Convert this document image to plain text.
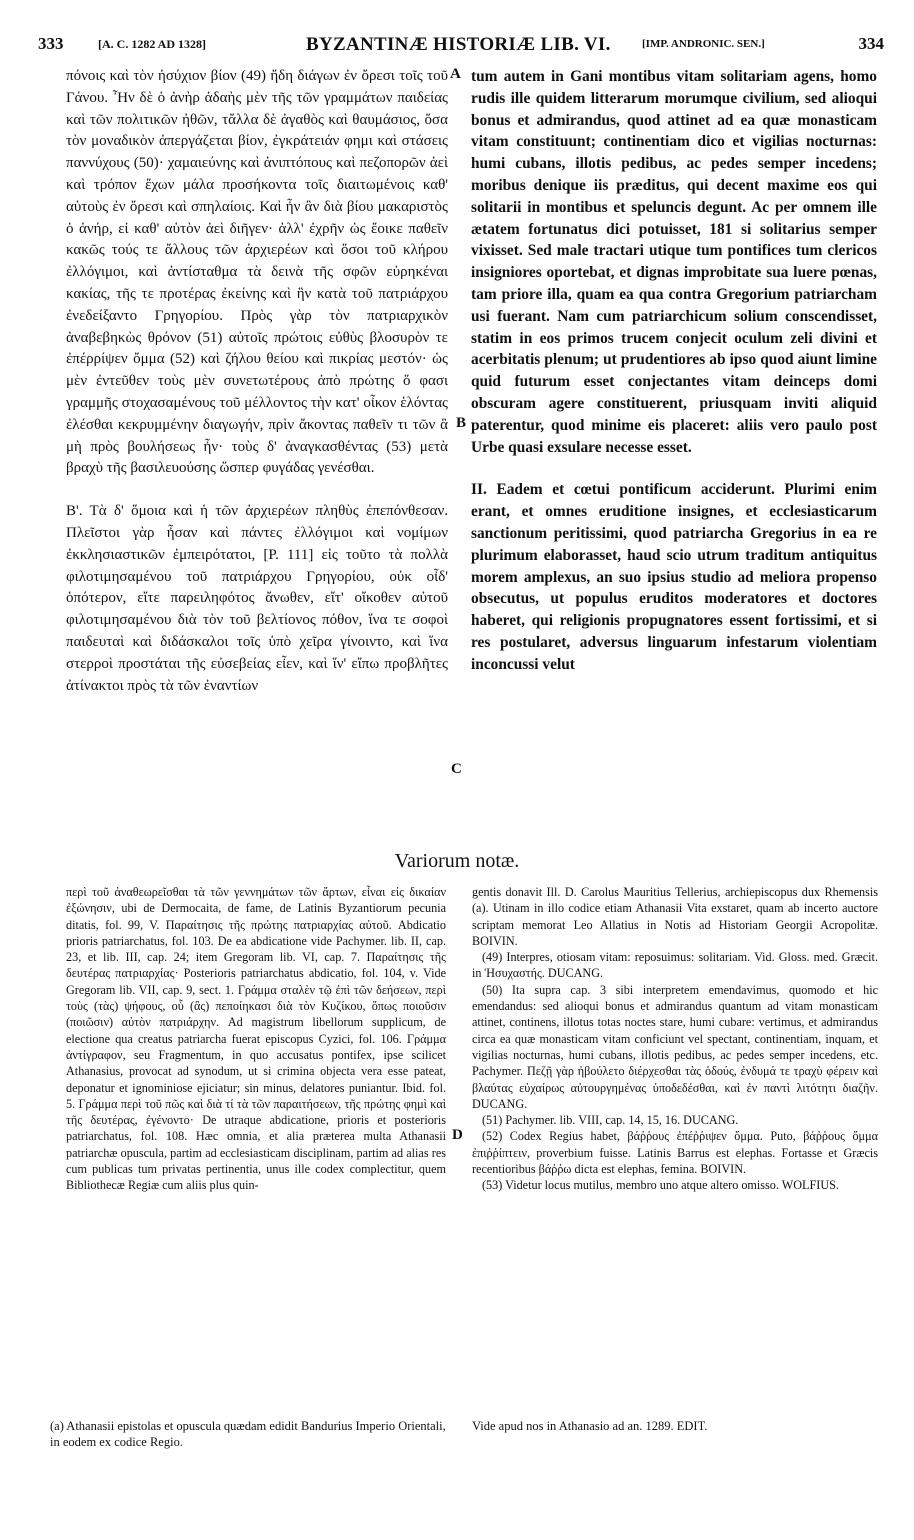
333	[A. C. 1282 AD 1328]	BYZANTINÆ HISTORIÆ LIB. VI.	[IMP. ANDRONIC. SEN.]	334

πόνοις καὶ τὸν ἡσύχιον βίον (49) ἤδη διάγων ἐν ὄρεσι τοῖς τοῦ Γάνου. Ἦν δὲ ὁ ἀνὴρ ἀδαὴς μὲν τῆς τῶν γραμμάτων παιδείας καὶ τῶν πολιτικῶν ἠθῶν, τἄλλα δὲ ἀγαθὸς καὶ θαυμάσιος, ὅσα τὸν μοναδικὸν ἀπεργάζεται βίον, ἐγκράτειάν φημι καὶ στάσεις παννύχους (50)· χαμαιεύνης καὶ ἀνιπτόπους καὶ πεζοπορῶν ἀεὶ καὶ τρόπον ἔχων μάλα προσήκοντα τοῖς διαιτωμένοις καθ' αὑτοὺς ἐν ὄρεσι καὶ σπηλαίοις. Καὶ ἦν ἂν διὰ βίου μακαριστὸς ὁ ἀνήρ, εἰ καθ' αὑτὸν ἀεὶ διῆγεν· ἀλλ' ἐχρῆν ὡς ἔοικε παθεῖν κακῶς τούς τε ἄλλους τῶν ἀρχιερέων καὶ ὅσοι τοῦ κλήρου ἐλλόγιμοι, καὶ ἀντίσταθμα τὰ δεινὰ τῆς σφῶν εὑρηκέναι κακίας, τῆς τε προτέρας ἐκείνης καὶ ἣν κατὰ τοῦ πατριάρχου ἐνεδείξαντο Γρηγορίου. Πρὸς γὰρ τὸν πατριαρχικὸν ἀναβεβηκὼς θρόνον (51) αὐτοῖς πρώτοις εὐθὺς βλοσυρὸν τε ἐπέρρίψεν ὄμμα (52) καὶ ζήλου θείου καὶ πικρίας μεστόν· ὡς μὲν ἐντεῦθεν τοὺς μὲν συνετωτέρους ἀπὸ πρώτης ὅ φασι γραμμῆς στοχασαμένους τοῦ μέλλοντος τὴν κατ' οἶκον ἑλόντας ἐλέσθαι κεκρυμμένην διαγωγήν, πρὶν ἄκοντας παθεῖν τι τῶν ἃ μὴ πρὸς βουλήσεως ἦν· τοὺς δ' ἀναγκασθέντας (53) μετὰ βραχὺ τῆς βασιλευούσης ὥσπερ φυγάδας γενέσθαι.

Β'. Τὰ δ' ὅμοια καὶ ἡ τῶν ἀρχιερέων πληθὺς ἐπεπόνθεσαν. Πλεῖστοι γὰρ ἦσαν καὶ πάντες ἐλλόγιμοι καὶ νομίμων ἐκκλησιαστικῶν ἐμπειρότατοι, [P. 111] εἰς τοῦτο τὰ πολλὰ φιλοτιμησαμένου τοῦ πατριάρχου Γρηγορίου, οὐκ οἶδ' ὁπότερον, εἴτε παρειληφότος ἄνωθεν, εἴτ' οἴκοθεν αὐτοῦ φιλοτιμησαμένου διὰ τὸν τοῦ βελτίονος πόθον, ἵνα τε σοφοὶ παιδευταὶ καὶ διδάσκαλοι τοῖς ὑπὸ χεῖρα γίνοιντο, καὶ ἵνα στερροὶ προστάται τῆς εὐσεβείας εἶεν, καὶ ἵν' εἴπω προβλῆτες ἀτίνακτοι πρὸς τὰ τῶν ἐναντίων

A
B
C
D

tum autem in Gani montibus vitam solitariam agens, homo rudis ille quidem litterarum morumque civilium, sed alioqui bonus et admirandus, quod attinet ad ea quæ monasticam vitam constituunt; continentiam dico et vigilias nocturnas: humi cubans, illotis pedibus, ac pedes semper incedens; moribus denique iis præditus, qui decent maxime eos qui solitarii in montibus et speluncis degunt. Ac per omnem ille ætatem fortunatus dici potuisset, 181 si solitarius semper vixisset. Sed male tractari utique tum pontifices tum clericos insigniores oportebat, et dignas improbitate sua luere pœnas, tam priore illa, quam ea qua contra Gregorium patriarcham usi fuerant. Nam cum patriarchicum solium conscendisset, statim in eos primos trucem conjecit oculum zeli divini et acerbitatis plenum; ut prudentiores ab ipso quod aiunt limine quid futurum esset conjectantes vitam deinceps domi obscuram agere constituerent, priusquam inviti aliquid paterentur, quod minime eis placeret: aliis vero paulo post Urbe quasi exsulare necesse esset.

II. Eadem et cœtui pontificum acciderunt. Plurimi enim erant, et omnes eruditione insignes, et ecclesiasticarum sanctionum peritissimi, quod patriarcha Gregorius in ea re plurimum elaborasset, haud scio utrum traditum antiquitus morem amplexus, an suo ipsius studio ad meliora propenso obsecutus, ut populus eruditos moderatores et doctores haberet, qui religionis propugnatores essent fortissimi, et si res postularet, adversus linguarum infestarum violentiam inconcussi velut

Variorum notæ.

περὶ τοῦ ἀναθεωρεῖσθαι τὰ τῶν γεννημάτων τῶν ἄρτων, εἶναι εἰς δικαίαν ἐξώνησιν, ubi de Dermocaita, de fame, de Latinis Byzantiorum pecunia ditatis, fol. 99, V. Παραίτησις τῆς πρώτης πατριαρχίας αὐτοῦ. Abdicatio prioris patriarchatus, fol. 103. De ea abdicatione vide Pachymer. lib. II, cap. 23, et lib. III, cap. 24; item Gregoram lib. VI, cap. 7. Παραίτησις τῆς δευτέρας πατριαρχίας· Posterioris patriarchatus abdicatio, fol. 104, v. Vide Gregoram lib. VII, cap. 9, sect. 1. Γράμμα σταλὲν τῷ ἐπὶ τῶν δεήσεων, περὶ τοὺς (τὰς) ψήφους, οὗ (ἃς) πεποίηκασι διὰ τὸν Κυζίκου, ὅπως ποιοῦσιν (ποιῶσιν) αὐτὸν πατριάρχην. Ad magistrum libellorum supplicum, de electione qua creatus patriarcha fuerat episcopus Cyzici, fol. 106. Γράμμα ἀντίγραφον, seu Fragmentum, in quo accusatus pontifex, ipse scilicet Athanasius, provocat ad synodum, ut si crimina objecta vera esse pateat, deponatur et ignominiose ejiciatur; sin minus, delatores puniantur. Ibid. fol. 5. Γράμμα περὶ τοῦ πῶς καὶ διὰ τί τὰ τῶν παραιτήσεων, τῆς πρώτης φημὶ καὶ τῆς δευτέρας, ἐγένοντο· De utraque abdicatione, prioris et posterioris patriarchatus, fol. 108. Hæc omnia, et alia præterea multa Athanasii patriarchæ opuscula, partim ad ecclesiasticam disciplinam, partim ad alias res cum publicas tum privatas pertinentia, unus ille codex complectitur, quem Bibliothecæ Regiæ cum aliis plus quin-

gentis donavit Ill. D. Carolus Mauritius Tellerius, archiepiscopus dux Rhemensis (a). Utinam in illo codice etiam Athanasii Vita exstaret, quam ab incerto auctore scriptam memorat Leo Allatius in Notis ad Historiam Georgii Acropolitæ. BOIVIN.

(49) Interpres, otiosam vitam: reposuimus: solitariam. Vid. Gloss. med. Græcit. in Ἡσυχαστής. DUCANG.

(50) Ita supra cap. 3 sibi interpretem emendavimus, quomodo et hic emendandus: sed alioqui bonus et admirandus quantum ad vitam monasticam attinet, continens, illotus totas noctes stare, humi cubare: vertimus, et admirandus circa ea quæ monasticam vitam conficiunt vel spectant, continentiam, inquam, et vigilias nocturnas, humi cubans, illotis pedibus, ac pedes semper incedens, etc. Pachymer. Πεζῇ γὰρ ἠβούλετο διέρχεσθαι τὰς ὁδούς, ἐνδυμά τε τραχὺ φέρειν καὶ βλαύτας εὐχαίρως αὐτουργημένας ὑποδεδέσθαι, καὶ ἐν παντὶ λιτότητι διαζῆν. DUCANG.

(51) Pachymer. lib. VIII, cap. 14, 15, 16. DUCANG.

(52) Codex Regius habet, βάῤῥους ἐπέῤῥιψεν ὄμμα. Puto, βάῤῥους ὄμμα ἐπιῤῥίπτειν, proverbium fuisse. Latinis Barrus est elephas. Fortasse et Græcis recentioribus βάῤῥω dicta est elephas, femina. BOIVIN.

(53) Videtur locus mutilus, membro uno atque altero omisso. WOLFIUS.

(a) Athanasii epistolas et opuscula quædam edidit Bandurius Imperio Orientali, in eodem ex codice Regio.

Vide apud nos in Athanasio ad an. 1289. EDIT.
